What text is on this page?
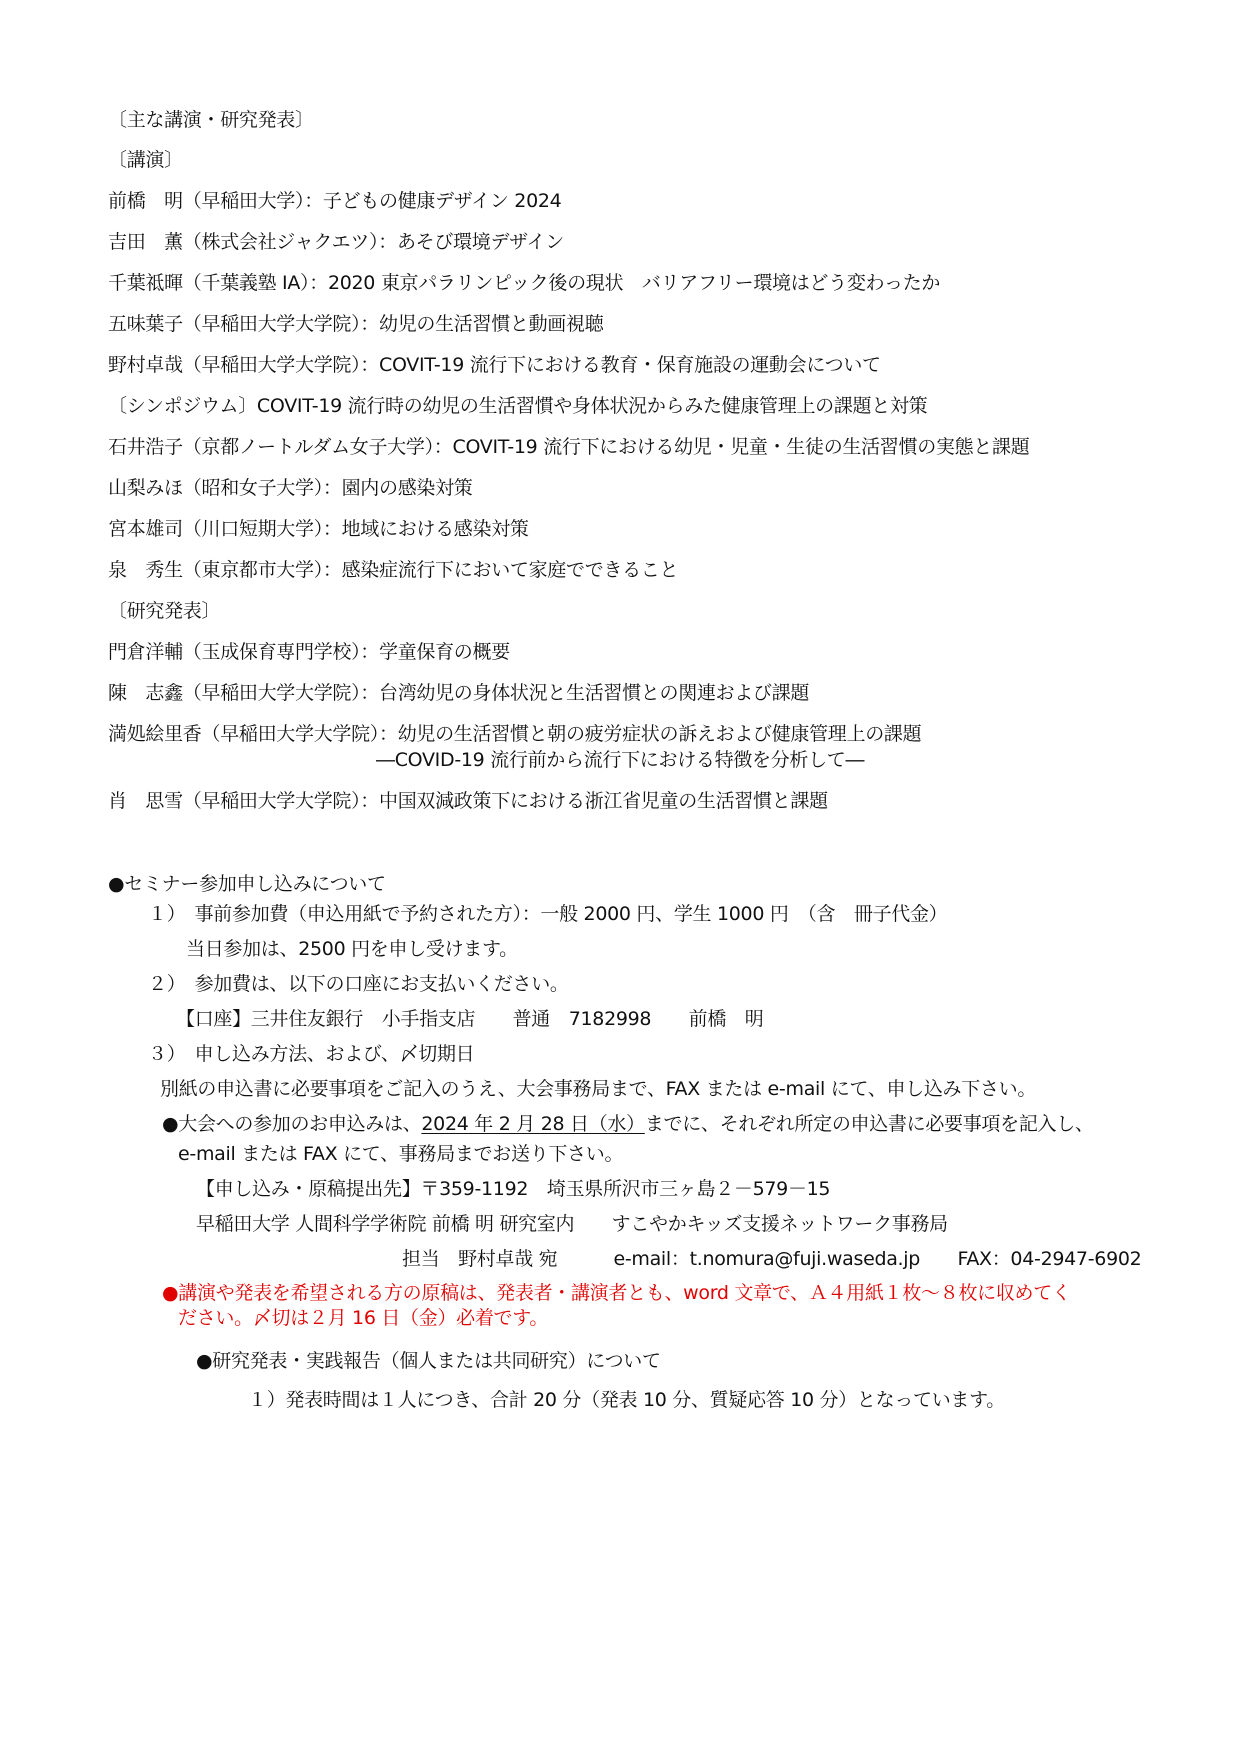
〔主な講演・研究発表〕
〔講演〕
前橋　明（早稲田大学）：子どもの健康デザイン 2024
吉田　薫（株式会社ジャクエツ）：あそび環境デザイン
千葉祗暉（千葉義塾 IA）：2020 東京パラリンピック後の現状　バリアフリー環境はどう変わったか
五味葉子（早稲田大学大学院）：幼児の生活習慣と動画視聴
野村卓哉（早稲田大学大学院）：COVIT-19 流行下における教育・保育施設の運動会について
〔シンポジウム〕COVIT-19 流行時の幼児の生活習慣や身体状況からみた健康管理上の課題と対策
石井浩子（京都ノートルダム女子大学）：COVIT-19 流行下における幼児・児童・生徒の生活習慣の実態と課題
山梨みほ（昭和女子大学）：園内の感染対策
宮本雄司（川口短期大学）：地域における感染対策
泉　秀生（東京都市大学）：感染症流行下において家庭でできること
〔研究発表〕
門倉洋輔（玉成保育専門学校）：学童保育の概要
陳　志鑫（早稲田大学大学院）：台湾幼児の身体状況と生活習慣との関連および課題
満処絵里香（早稲田大学大学院）：幼児の生活習慣と朝の疲労症状の訴えおよび健康管理上の課題
―COVID-19 流行前から流行下における特徴を分析して―
肖　思雪（早稲田大学大学院）：中国双減政策下における浙江省児童の生活習慣と課題
●セミナー参加申し込みについて
１）　事前参加費（申込用紙で予約された方）：一般 2000 円、学生 1000 円　（含　冊子代金）
当日参加は、2500 円を申し受けます。
２）　参加費は、以下の口座にお支払いください。
【口座】三井住友銀行　小手指支店　　普通　7182998　　前橋　明
３）　申し込み方法、および、〆切期日
別紙の申込書に必要事項をご記入のうえ、大会事務局まで、FAX または e-mail にて、申し込み下さい。
●大会への参加のお申込みは、2024 年 2 月 28 日（水）までに、それぞれ所定の申込書に必要事項を記入し、
e-mail または FAX にて、事務局までお送り下さい。
【申し込み・原稿提出先】〒359-1192　埼玉県所沢市三ヶ島２－579－15
早稲田大学 人間科学学術院 前橋 明 研究室内　　すこやかキッズ支援ネットワーク事務局
担当　野村卓哉 宛　　　e-mail：t.nomura@fuji.waseda.jp　　FAX：04-2947-6902
●講演や発表を希望される方の原稿は、発表者・講演者とも、word 文章で、Ａ４用紙１枚～８枚に収めてく
ださい。〆切は２月 16 日（金）必着です。
●研究発表・実践報告（個人または共同研究）について
１）発表時間は１人につき、合計 20 分（発表 10 分、質疑応答 10 分）となっています。
